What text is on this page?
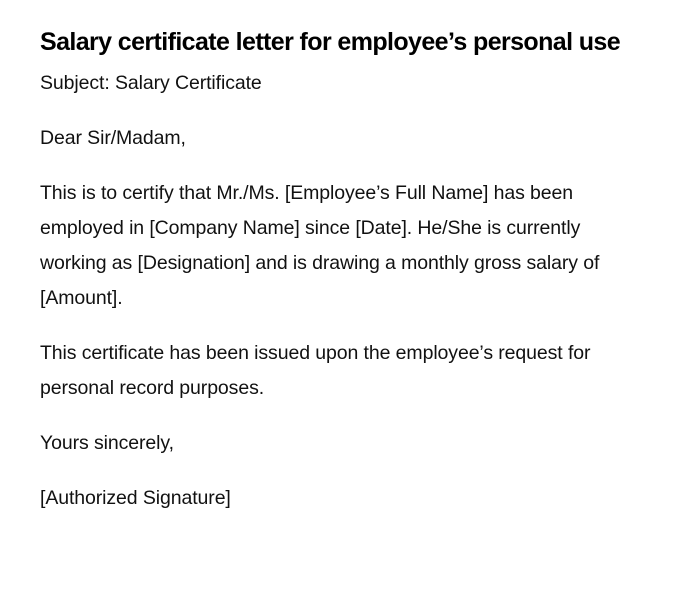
Salary certificate letter for employee’s personal use

Subject: Salary Certificate

Dear Sir/Madam,

This is to certify that Mr./Ms. [Employee’s Full Name] has been employed in [Company Name] since [Date]. He/She is currently working as [Designation] and is drawing a monthly gross salary of [Amount].

This certificate has been issued upon the employee’s request for personal record purposes.

Yours sincerely,

[Authorized Signature]
